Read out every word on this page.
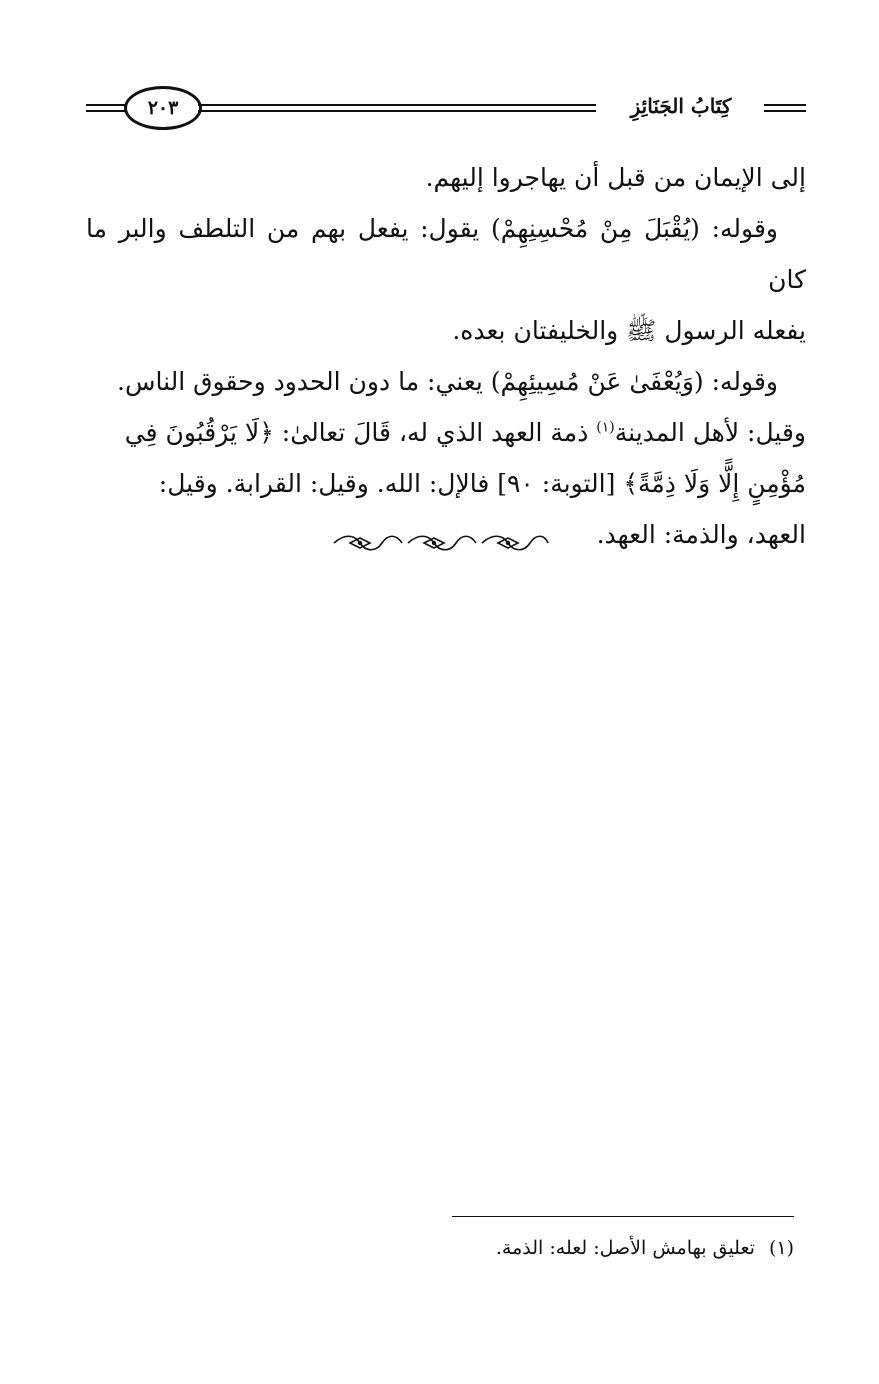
٢٠٣	كِتَابُ الجَنَائِزِ

إلى الإيمان من قبل أن يهاجروا إليهم.

وقوله: (يُقْبَلَ مِنْ مُحْسِنِهِمْ) يقول: يفعل بهم من التلطف والبر ما كان

يفعله الرسول ﷺ والخليفتان بعده.

وقوله: (وَيُعْفَىٰ عَنْ مُسِيئِهِمْ) يعني: ما دون الحدود وحقوق الناس.

وقيل: لأهل المدينة$^{(١)}$ ذمة العهد الذي له، قَالَ تعالىٰ: ﴿لَا يَرْقُبُونَ فِي

مُؤْمِنٍ إِلًّا وَلَا ذِمَّةً﴾ [التوبة: ٩٠] فالإل: الله. وقيل: القرابة. وقيل:

العهد، والذمة: العهد.

(١)تعليق بهامش الأصل: لعله: الذمة.
